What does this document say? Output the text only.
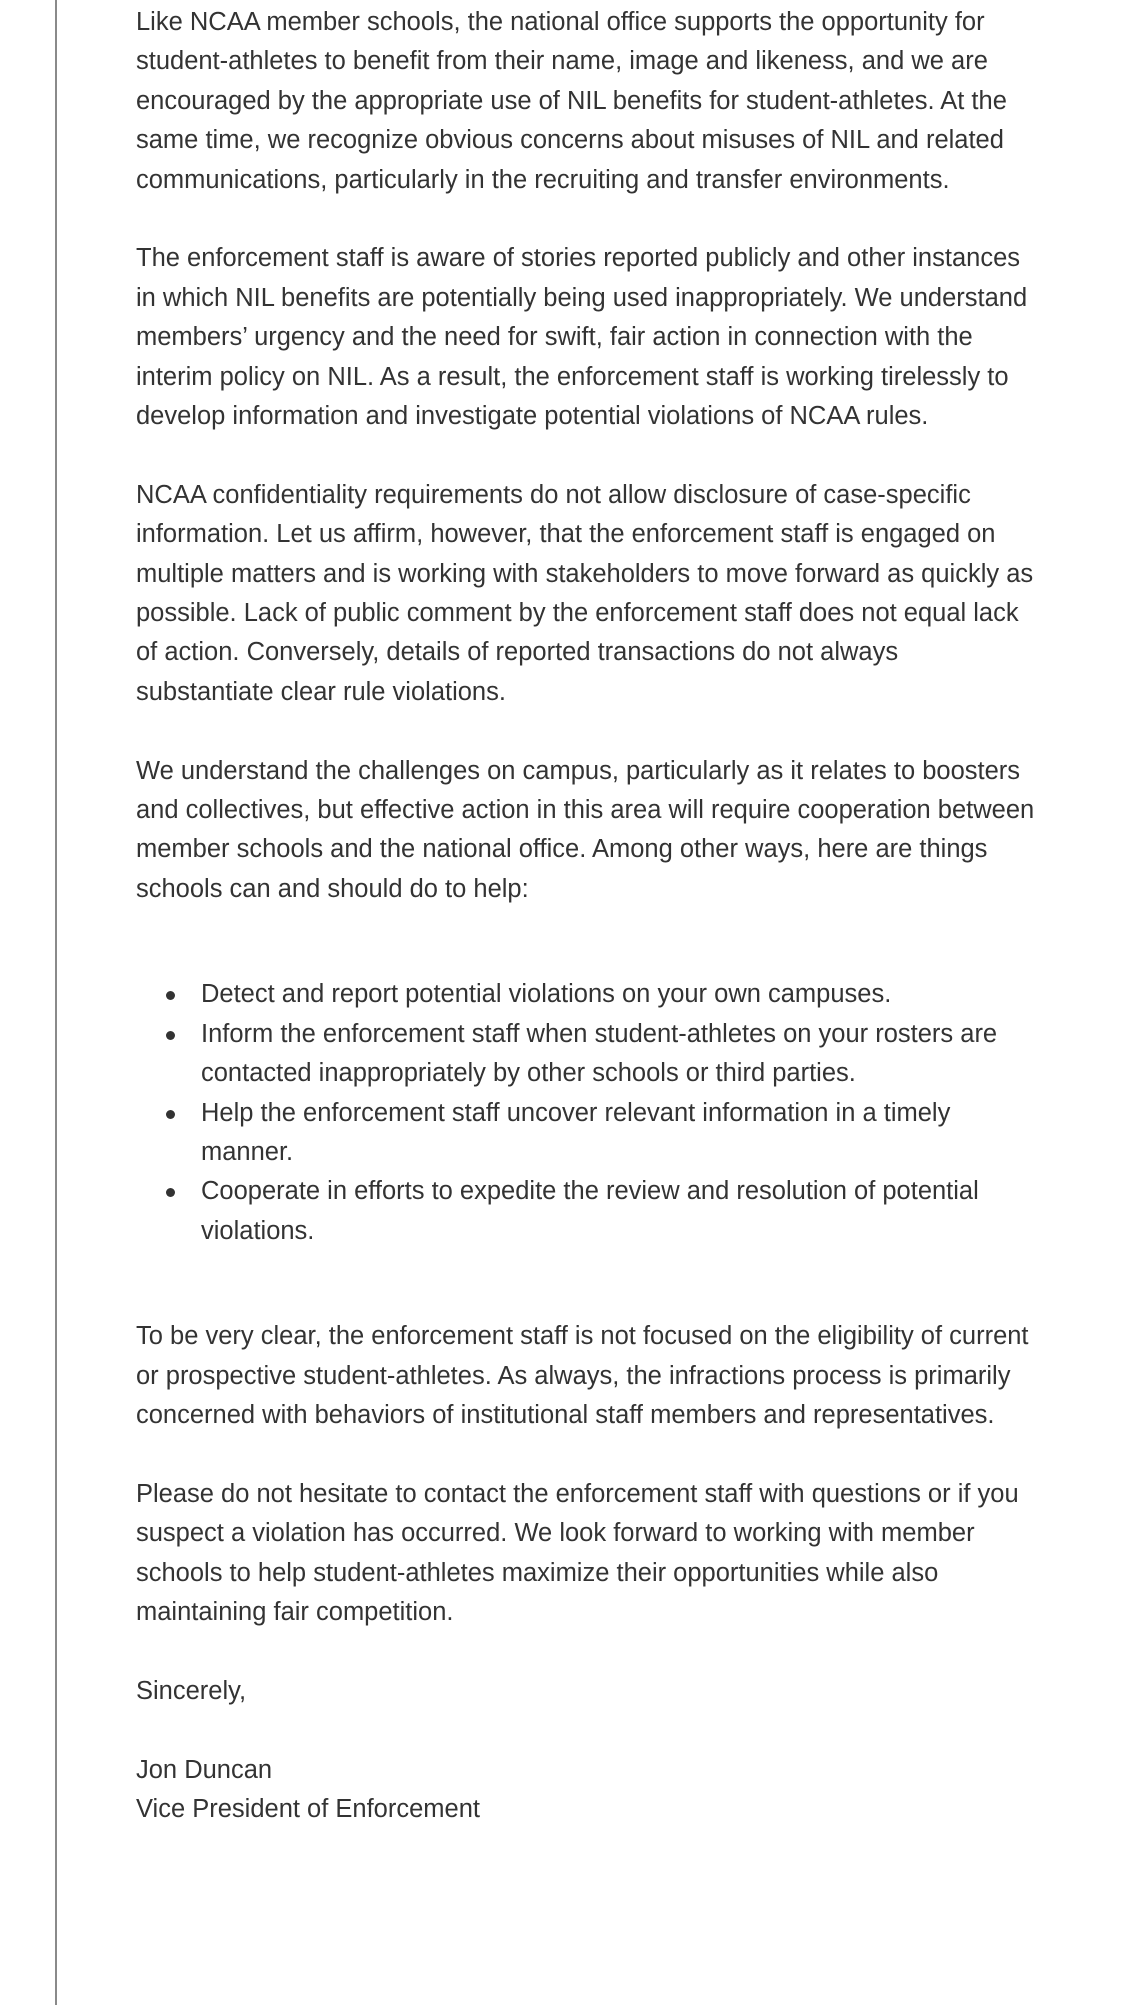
Like NCAA member schools, the national office supports the opportunity for student-athletes to benefit from their name, image and likeness, and we are encouraged by the appropriate use of NIL benefits for student-athletes. At the same time, we recognize obvious concerns about misuses of NIL and related communications, particularly in the recruiting and transfer environments.

The enforcement staff is aware of stories reported publicly and other instances in which NIL benefits are potentially being used inappropriately. We understand members’ urgency and the need for swift, fair action in connection with the interim policy on NIL. As a result, the enforcement staff is working tirelessly to develop information and investigate potential violations of NCAA rules.

NCAA confidentiality requirements do not allow disclosure of case-specific information. Let us affirm, however, that the enforcement staff is engaged on multiple matters and is working with stakeholders to move forward as quickly as possible. Lack of public comment by the enforcement staff does not equal lack of action. Conversely, details of reported transactions do not always substantiate clear rule violations.

We understand the challenges on campus, particularly as it relates to boosters and collectives, but effective action in this area will require cooperation between member schools and the national office. Among other ways, here are things schools can and should do to help:

Detect and report potential violations on your own campuses.
Inform the enforcement staff when student-athletes on your rosters are contacted inappropriately by other schools or third parties.
Help the enforcement staff uncover relevant information in a timely manner.
Cooperate in efforts to expedite the review and resolution of potential violations.

To be very clear, the enforcement staff is not focused on the eligibility of current or prospective student-athletes. As always, the infractions process is primarily concerned with behaviors of institutional staff members and representatives.

Please do not hesitate to contact the enforcement staff with questions or if you suspect a violation has occurred. We look forward to working with member schools to help student-athletes maximize their opportunities while also maintaining fair competition.

Sincerely,

Jon Duncan

Vice President of Enforcement
